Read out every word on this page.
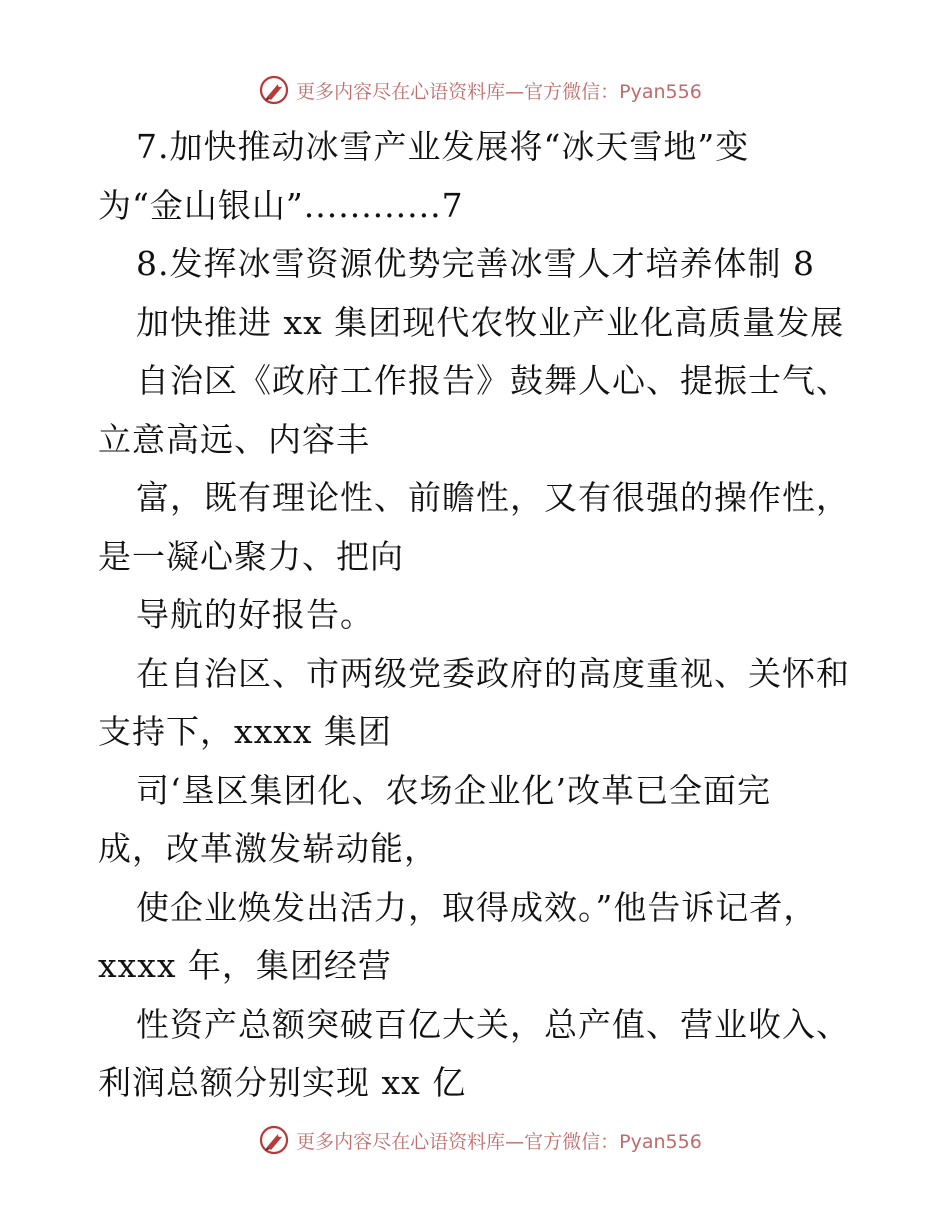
更多内容尽在心语资料库—官方微信：Pyan556
7.加快推动冰雪产业发展将“冰天雪地”变
为“金山银山”............7
8.发挥冰雪资源优势完善冰雪人才培养体制 8
加快推进 xx 集团现代农牧业产业化高质量发展
自治区《政府工作报告》鼓舞人心、提振士气、
立意高远、内容丰
富，既有理论性、前瞻性，又有很强的操作性，
是一凝心聚力、把向
导航的好报告。
在自治区、市两级党委政府的高度重视、关怀和
支持下，xxxx 集团
司‘垦区集团化、农场企业化’改革已全面完
成，改革激发崭动能，
使企业焕发出活力，取得成效。”他告诉记者，
xxxx 年，集团经营
性资产总额突破百亿大关，总产值、营业收入、
利润总额分别实现 xx 亿
更多内容尽在心语资料库—官方微信：Pyan556
